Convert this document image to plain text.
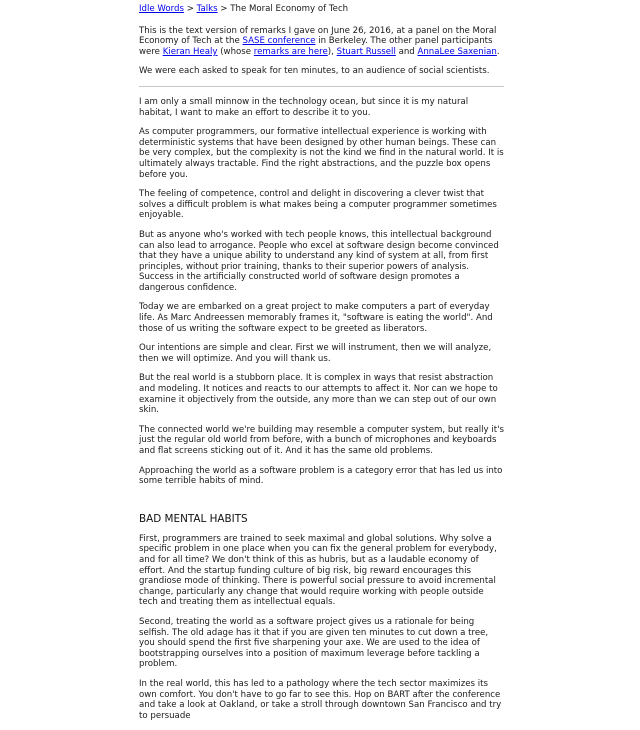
Idle Words > Talks > The Moral Economy of Tech

This is the text version of remarks I gave on June 26, 2016, at a panel on the Moral Economy of Tech at the SASE conference in Berkeley. The other panel participants were Kieran Healy (whose remarks are here), Stuart Russell and AnnaLee Saxenian.

We were each asked to speak for ten minutes, to an audience of social scientists.

I am only a small minnow in the technology ocean, but since it is my natural habitat, I want to make an effort to describe it to you.

As computer programmers, our formative intellectual experience is working with deterministic systems that have been designed by other human beings. These can be very complex, but the complexity is not the kind we find in the natural world. It is ultimately always tractable. Find the right abstractions, and the puzzle box opens before you.

The feeling of competence, control and delight in discovering a clever twist that solves a difficult problem is what makes being a computer programmer sometimes enjoyable.

But as anyone who's worked with tech people knows, this intellectual background can also lead to arrogance. People who excel at software design become convinced that they have a unique ability to understand any kind of system at all, from first principles, without prior training, thanks to their superior powers of analysis. Success in the artificially constructed world of software design promotes a dangerous confidence.

Today we are embarked on a great project to make computers a part of everyday life. As Marc Andreessen memorably frames it, "software is eating the world". And those of us writing the software expect to be greeted as liberators.

Our intentions are simple and clear. First we will instrument, then we will analyze, then we will optimize. And you will thank us.

But the real world is a stubborn place. It is complex in ways that resist abstraction and modeling. It notices and reacts to our attempts to affect it. Nor can we hope to examine it objectively from the outside, any more than we can step out of our own skin.

The connected world we're building may resemble a computer system, but really it's just the regular old world from before, with a bunch of microphones and keyboards and flat screens sticking out of it. And it has the same old problems.

Approaching the world as a software problem is a category error that has led us into some terrible habits of mind.

BAD MENTAL HABITS

First, programmers are trained to seek maximal and global solutions. Why solve a specific problem in one place when you can fix the general problem for everybody, and for all time? We don't think of this as hubris, but as a laudable economy of effort. And the startup funding culture of big risk, big reward encourages this grandiose mode of thinking. There is powerful social pressure to avoid incremental change, particularly any change that would require working with people outside tech and treating them as intellectual equals.

Second, treating the world as a software project gives us a rationale for being selfish. The old adage has it that if you are given ten minutes to cut down a tree, you should spend the first five sharpening your axe. We are used to the idea of bootstrapping ourselves into a position of maximum leverage before tackling a problem.

In the real world, this has led to a pathology where the tech sector maximizes its own comfort. You don't have to go far to see this. Hop on BART after the conference and take a look at Oakland, or take a stroll through downtown San Francisco and try to persuade
